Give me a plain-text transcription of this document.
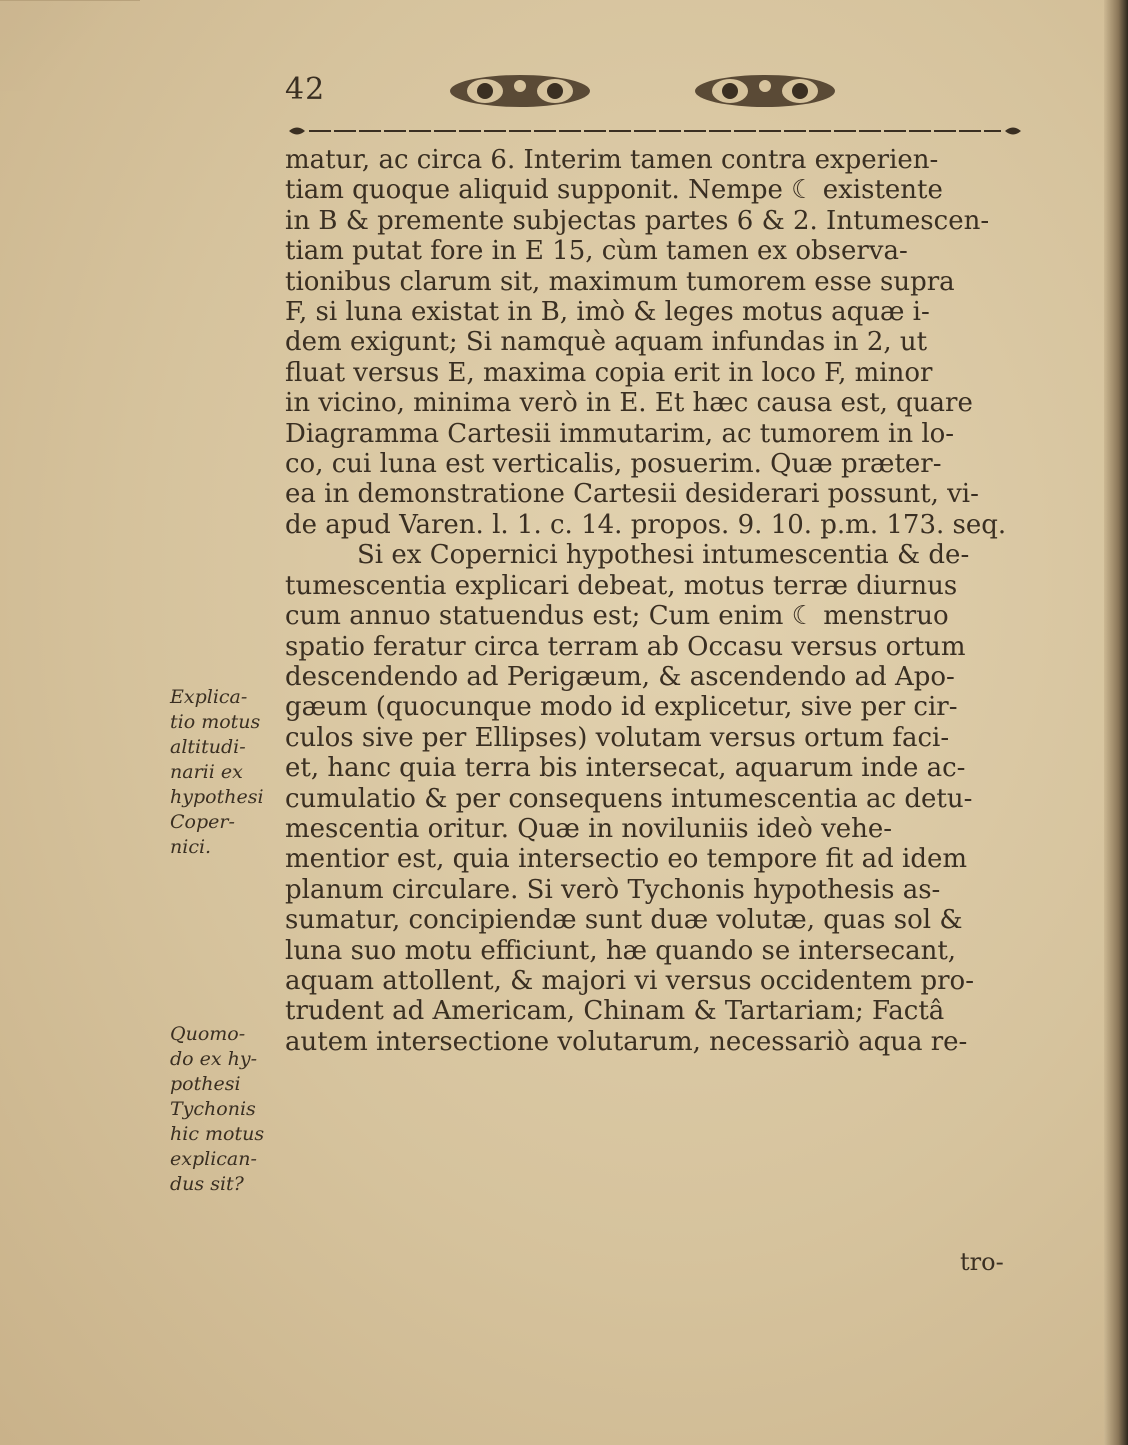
42
matur, ac circa 6. Interim tamen contra experien-
tiam quoque aliquid supponit. Nempe ☾ existente
in B & premente subjectas partes 6 & 2. Intumescen-
tiam putat fore in E 15, cùm tamen ex observa-
tionibus clarum sit, maximum tumorem esse supra
F, si luna existat in B, imò & leges motus aquæ i-
dem exigunt; Si namquè aquam infundas in 2, ut
fluat versus E, maxima copia erit in loco F, minor
in vicino, minima verò in E. Et hæc causa est, quare
Diagramma Cartesii immutarim, ac tumorem in lo-
co, cui luna est verticalis, posuerim. Quæ præter-
ea in demonstratione Cartesii desiderari possunt, vi-
de apud Varen. l. 1. c. 14. propos. 9. 10. p.m. 173. seq.
Si ex Copernici hypothesi intumescentia & de-
tumescentia explicari debeat, motus terræ diurnus
cum annuo statuendus est; Cum enim ☾ menstruo
spatio feratur circa terram ab Occasu versus ortum
descendendo ad Perigæum, & ascendendo ad Apo-
gæum (quocunque modo id explicetur, sive per cir-
culos sive per Ellipses) volutam versus ortum faci-
et, hanc quia terra bis intersecat, aquarum inde ac-
cumulatio & per consequens intumescentia ac detu-
mescentia oritur. Quæ in noviluniis ideò vehe-
mentior est, quia intersectio eo tempore fit ad idem
planum circulare. Si verò Tychonis hypothesis as-
sumatur, concipiendæ sunt duæ volutæ, quas sol &
luna suo motu efficiunt, hæ quando se intersecant,
aquam attollent, & majori vi versus occidentem pro-
trudent ad Americam, Chinam & Tartariam; Factâ
autem intersectione volutarum, necessariò aqua re-
tro-
Explica-
tio motus
altitudi-
narii ex
hypothesi
Coper-
nici.
Quomo-
do ex hy-
pothesi
Tychonis
hic motus
explican-
dus sit?
